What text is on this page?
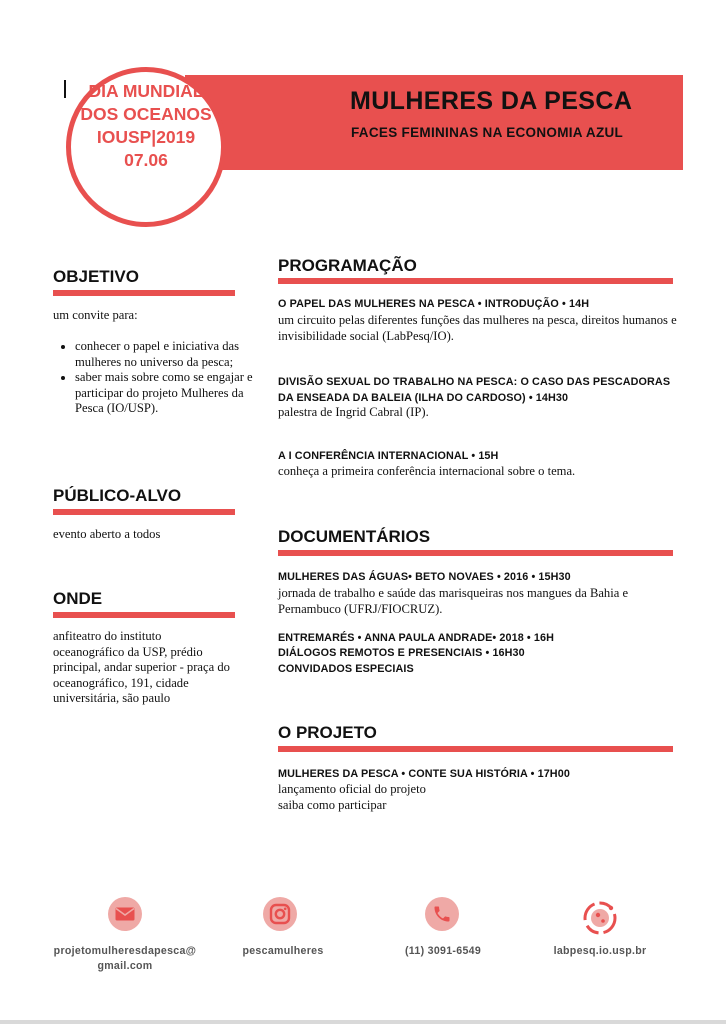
MULHERES DA PESCA
FACES FEMININAS NA ECONOMIA AZUL
DIA MUNDIAL
DOS OCEANOS
IOUSP|2019
07.06
OBJETIVO
um convite para:
• conhecer o papel e iniciativa das mulheres no universo da pesca;
• saber mais sobre como se engajar e participar do projeto Mulheres da Pesca (IO/USP).
PÚBLICO-ALVO
evento aberto a todos
ONDE
anfiteatro do instituto oceanográfico da USP, prédio principal, andar superior - praça do oceanográfico, 191, cidade universitária, são paulo
PROGRAMAÇÃO
O PAPEL DAS MULHERES NA PESCA • INTRODUÇÃO • 14H
um circuito pelas diferentes funções das mulheres na pesca, direitos humanos e invisibilidade social (LabPesq/IO).
DIVISÃO SEXUAL DO TRABALHO NA PESCA: O CASO DAS PESCADORAS DA ENSEADA DA BALEIA (ILHA DO CARDOSO) • 14H30
palestra de Ingrid Cabral (IP).
A I CONFERÊNCIA INTERNACIONAL • 15H
conheça a primeira conferência internacional sobre o tema.
DOCUMENTÁRIOS
MULHERES DAS ÁGUAS• BETO NOVAES • 2016 • 15H30
jornada de trabalho e saúde das marisqueiras nos mangues da Bahia e Pernambuco (UFRJ/FIOCRUZ).
ENTREMARÉS • ANNA PAULA ANDRADE• 2018 • 16H
DIÁLOGOS REMOTOS E PRESENCIAIS • 16H30
CONVIDADOS ESPECIAIS
O PROJETO
MULHERES DA PESCA • CONTE SUA HISTÓRIA • 17H00
lançamento oficial do projeto
saiba como participar
projetomulheresdapesca@
gmail.com
pescamulheres	(11) 3091-6549	labpesq.io.usp.br
